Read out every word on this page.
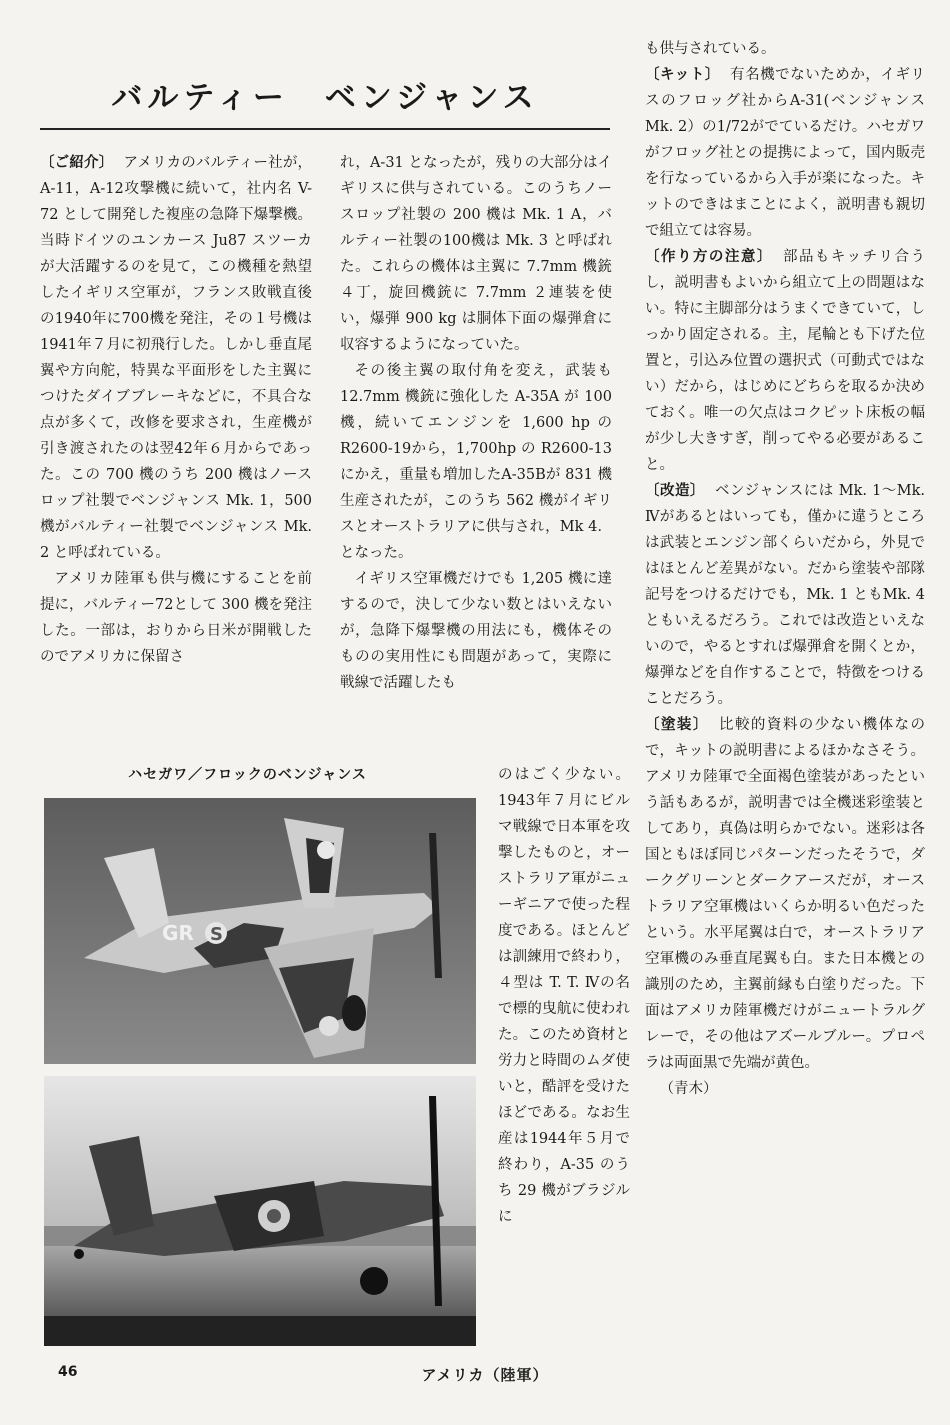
バルティー　ベンジャンス

〔ご紹介〕 アメリカのバルティー社が，A-11，A-12攻撃機に続いて，社内名 V-72 として開発した複座の急降下爆撃機。当時ドイツのユンカース Ju87 スツーカが大活躍するのを見て，この機種を熱望したイギリス空軍が，フランス敗戦直後の1940年に700機を発注，その１号機は1941年７月に初飛行した。しかし垂直尾翼や方向舵，特異な平面形をした主翼につけたダイブブレーキなどに，不具合な点が多くて，改修を要求され，生産機が引き渡されたのは翌42年６月からであった。この 700 機のうち 200 機はノースロップ社製でベンジャンス Mk. 1，500 機がバルティー社製でベンジャンス Mk. 2 と呼ばれている。

アメリカ陸軍も供与機にすることを前提に，バルティー72として 300 機を発注した。一部は，おりから日米が開戦したのでアメリカに保留さ

れ，A-31 となったが，残りの大部分はイギリスに供与されている。このうちノースロップ社製の 200 機は Mk. 1 A，バルティー社製の100機は Mk. 3 と呼ばれた。これらの機体は主翼に 7.7mm 機銃４丁，旋回機銃に 7.7mm ２連装を使い，爆弾 900 kg は胴体下面の爆弾倉に収容するようになっていた。

その後主翼の取付角を変え，武装も12.7mm 機銃に強化した A-35A が 100 機，続いてエンジンを 1,600 hp の R2600-19から，1,700hp の R2600-13にかえ，重量も増加したA-35Bが 831 機生産されたが，このうち 562 機がイギリスとオーストラリアに供与され，Mk 4．となった。

イギリス空軍機だけでも 1,205 機に達するので，決して少ない数とはいえないが，急降下爆撃機の用法にも，機体そのものの実用性にも問題があって，実際に戦線で活躍したも

ハセガワ／フロックのベンジャンス
GR S

のはごく少ない。1943年７月にビルマ戦線で日本軍を攻撃したものと，オーストラリア軍がニューギニアで使った程度である。ほとんどは訓練用で終わり，４型は T. T. Ⅳの名で標的曳航に使われた。このため資材と労力と時間のムダ使いと，酷評を受けたほどである。なお生産は1944年５月で終わり，A-35 のうち 29 機がブラジルに

も供与されている。

〔キット〕 有名機でないためか，イギリスのフロッグ社からA-31(ベンジャンスMk. 2）の1/72がでているだけ。ハセガワがフロッグ社との提携によって，国内販売を行なっているから入手が楽になった。キットのできはまことによく，説明書も親切で組立ては容易。

〔作り方の注意〕 部品もキッチリ合うし，説明書もよいから組立て上の問題はない。特に主脚部分はうまくできていて，しっかり固定される。主，尾輪とも下げた位置と，引込み位置の選択式（可動式ではない）だから，はじめにどちらを取るか決めておく。唯一の欠点はコクピット床板の幅が少し大きすぎ，削ってやる必要があること。

〔改造〕 ベンジャンスには Mk. 1～Mk. Ⅳがあるとはいっても，僅かに違うところは武装とエンジン部くらいだから，外見ではほとんど差異がない。だから塗装や部隊記号をつけるだけでも，Mk. 1 ともMk. 4 ともいえるだろう。これでは改造といえないので，やるとすれば爆弾倉を開くとか，爆弾などを自作することで，特徴をつけることだろう。

〔塗装〕 比較的資料の少ない機体なので，キットの説明書によるほかなさそう。アメリカ陸軍で全面褐色塗装があったという話もあるが，説明書では全機迷彩塗装としてあり，真偽は明らかでない。迷彩は各国ともほぼ同じパターンだったそうで，ダークグリーンとダークアースだが，オーストラリア空軍機はいくらか明るい色だったという。水平尾翼は白で，オーストラリア空軍機のみ垂直尾翼も白。また日本機との識別のため，主翼前縁も白塗りだった。下面はアメリカ陸軍機だけがニュートラルグレーで，その他はアズールブルー。プロペラは両面黒で先端が黄色。

（青木）

46	アメリカ（陸軍）
